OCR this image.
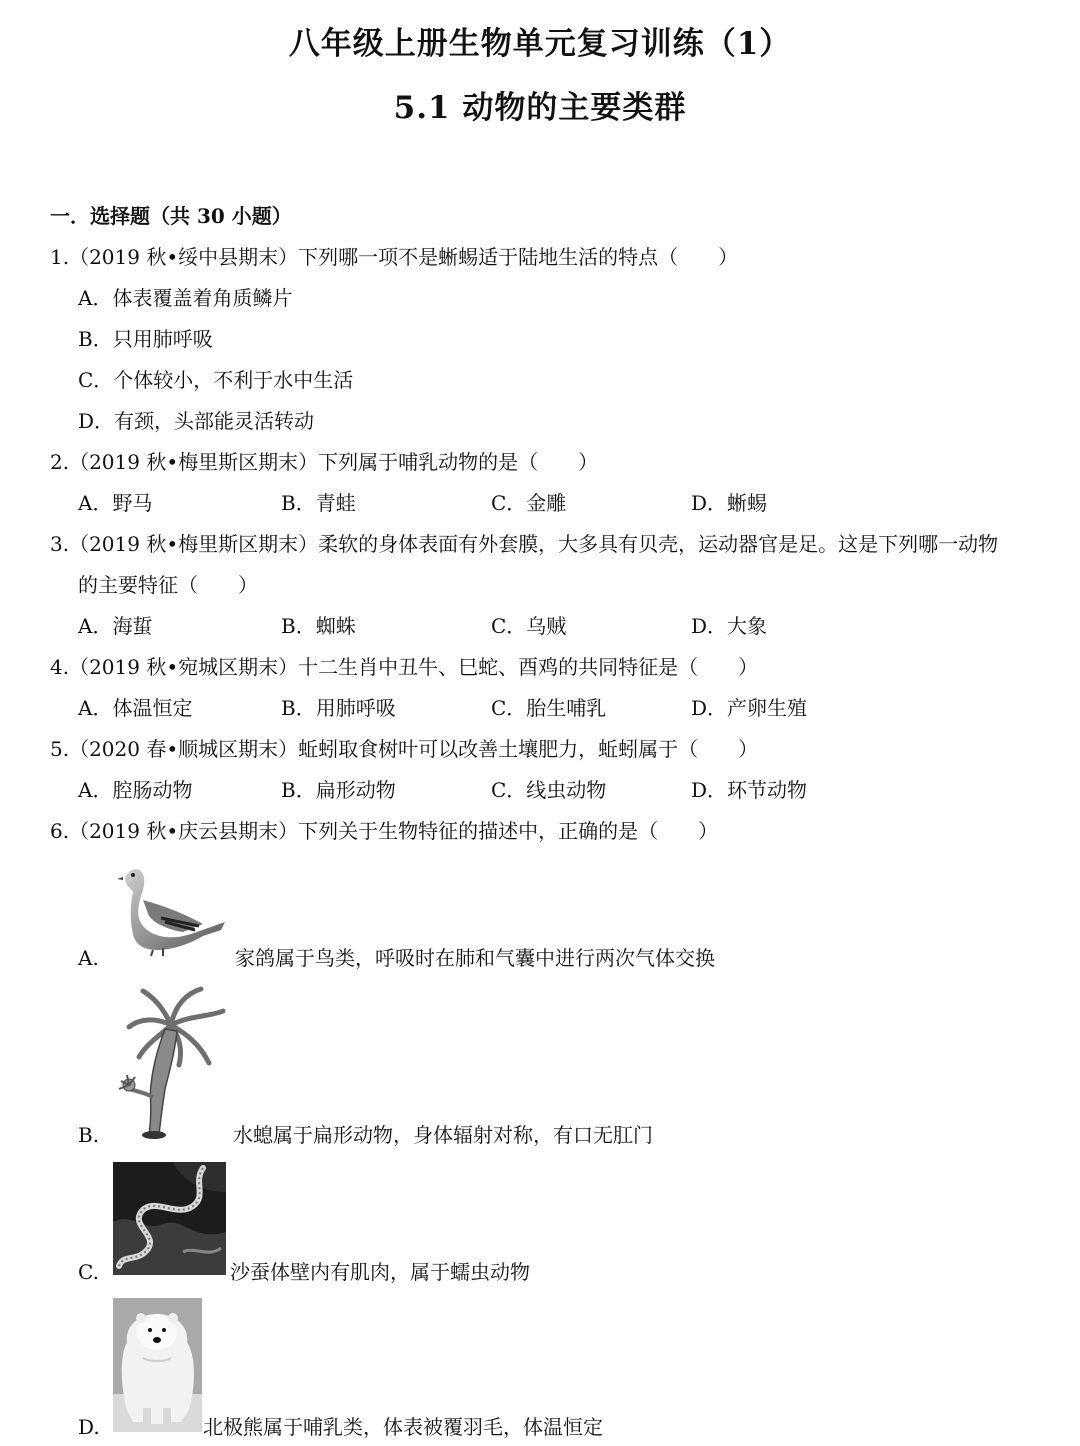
八年级上册生物单元复习训练（1）
5.1 动物的主要类群
一．选择题（共 30 小题）
1.（2019 秋•绥中县期末）下列哪一项不是蜥蜴适于陆地生活的特点（　　）
A．体表覆盖着角质鳞片
B．只用肺呼吸
C．个体较小，不利于水中生活
D．有颈，头部能灵活转动
2.（2019 秋•梅里斯区期末）下列属于哺乳动物的是（　　）
A．野马	B．青蛙	C．金雕	D．蜥蜴
3.（2019 秋•梅里斯区期末）柔软的身体表面有外套膜，大多具有贝壳，运动器官是足。这是下列哪一动物
的主要特征（　　）
A．海蜇	B．蜘蛛	C．乌贼	D．大象
4.（2019 秋•宛城区期末）十二生肖中丑牛、巳蛇、酉鸡的共同特征是（　　）
A．体温恒定	B．用肺呼吸	C．胎生哺乳	D．产卵生殖
5.（2020 春•顺城区期末）蚯蚓取食树叶可以改善土壤肥力，蚯蚓属于（　　）
A．腔肠动物	B．扁形动物	C．线虫动物	D．环节动物
6.（2019 秋•庆云县期末）下列关于生物特征的描述中，正确的是（　　）
A.	家鸽属于鸟类，呼吸时在肺和气囊中进行两次气体交换
B.	水螅属于扁形动物，身体辐射对称，有口无肛门
C.	沙蚕体壁内有肌肉，属于蠕虫动物
D.	北极熊属于哺乳类，体表被覆羽毛，体温恒定
